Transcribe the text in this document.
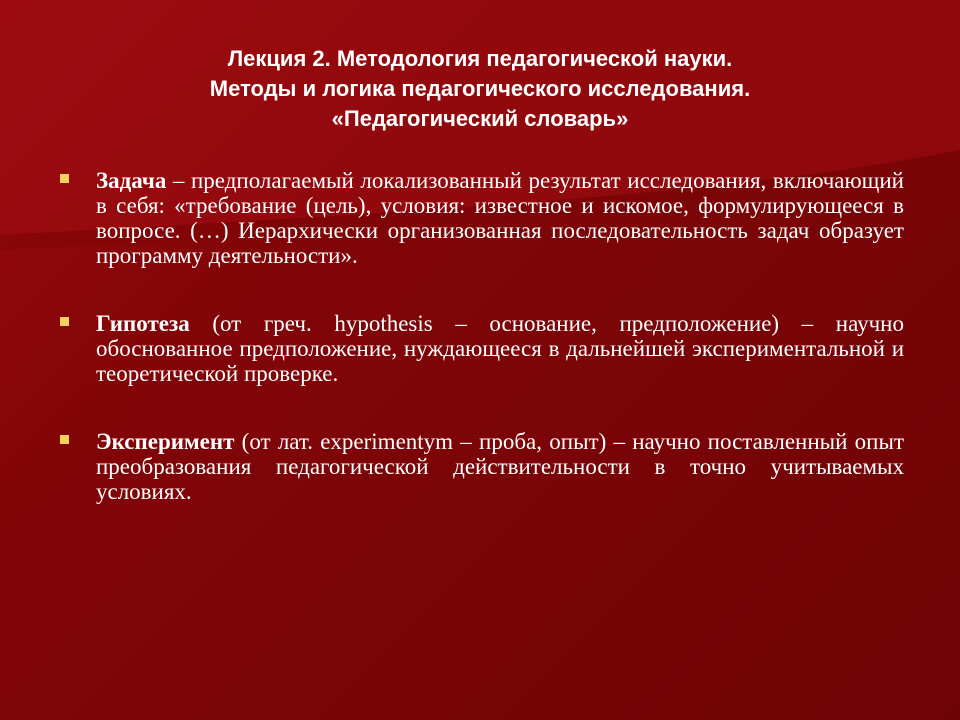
Лекция 2. Методология педагогической науки.
Методы и логика педагогического исследования.
«Педагогический словарь»
Задача – предполагаемый локализованный результат исследования, включающий в себя: «требование (цель), условия: известное и искомое, формулирующееся в вопросе. (…) Иерархически организованная последовательность задач образует программу деятельности».
Гипотеза (от греч. hypothesis – основание, предположение) – научно обоснованное предположение, нуждающееся в дальнейшей экспериментальной и теоретической проверке.
Эксперимент (от лат. experimentym – проба, опыт) – научно поставленный опыт преобразования педагогической действительности в точно учитываемых условиях.
